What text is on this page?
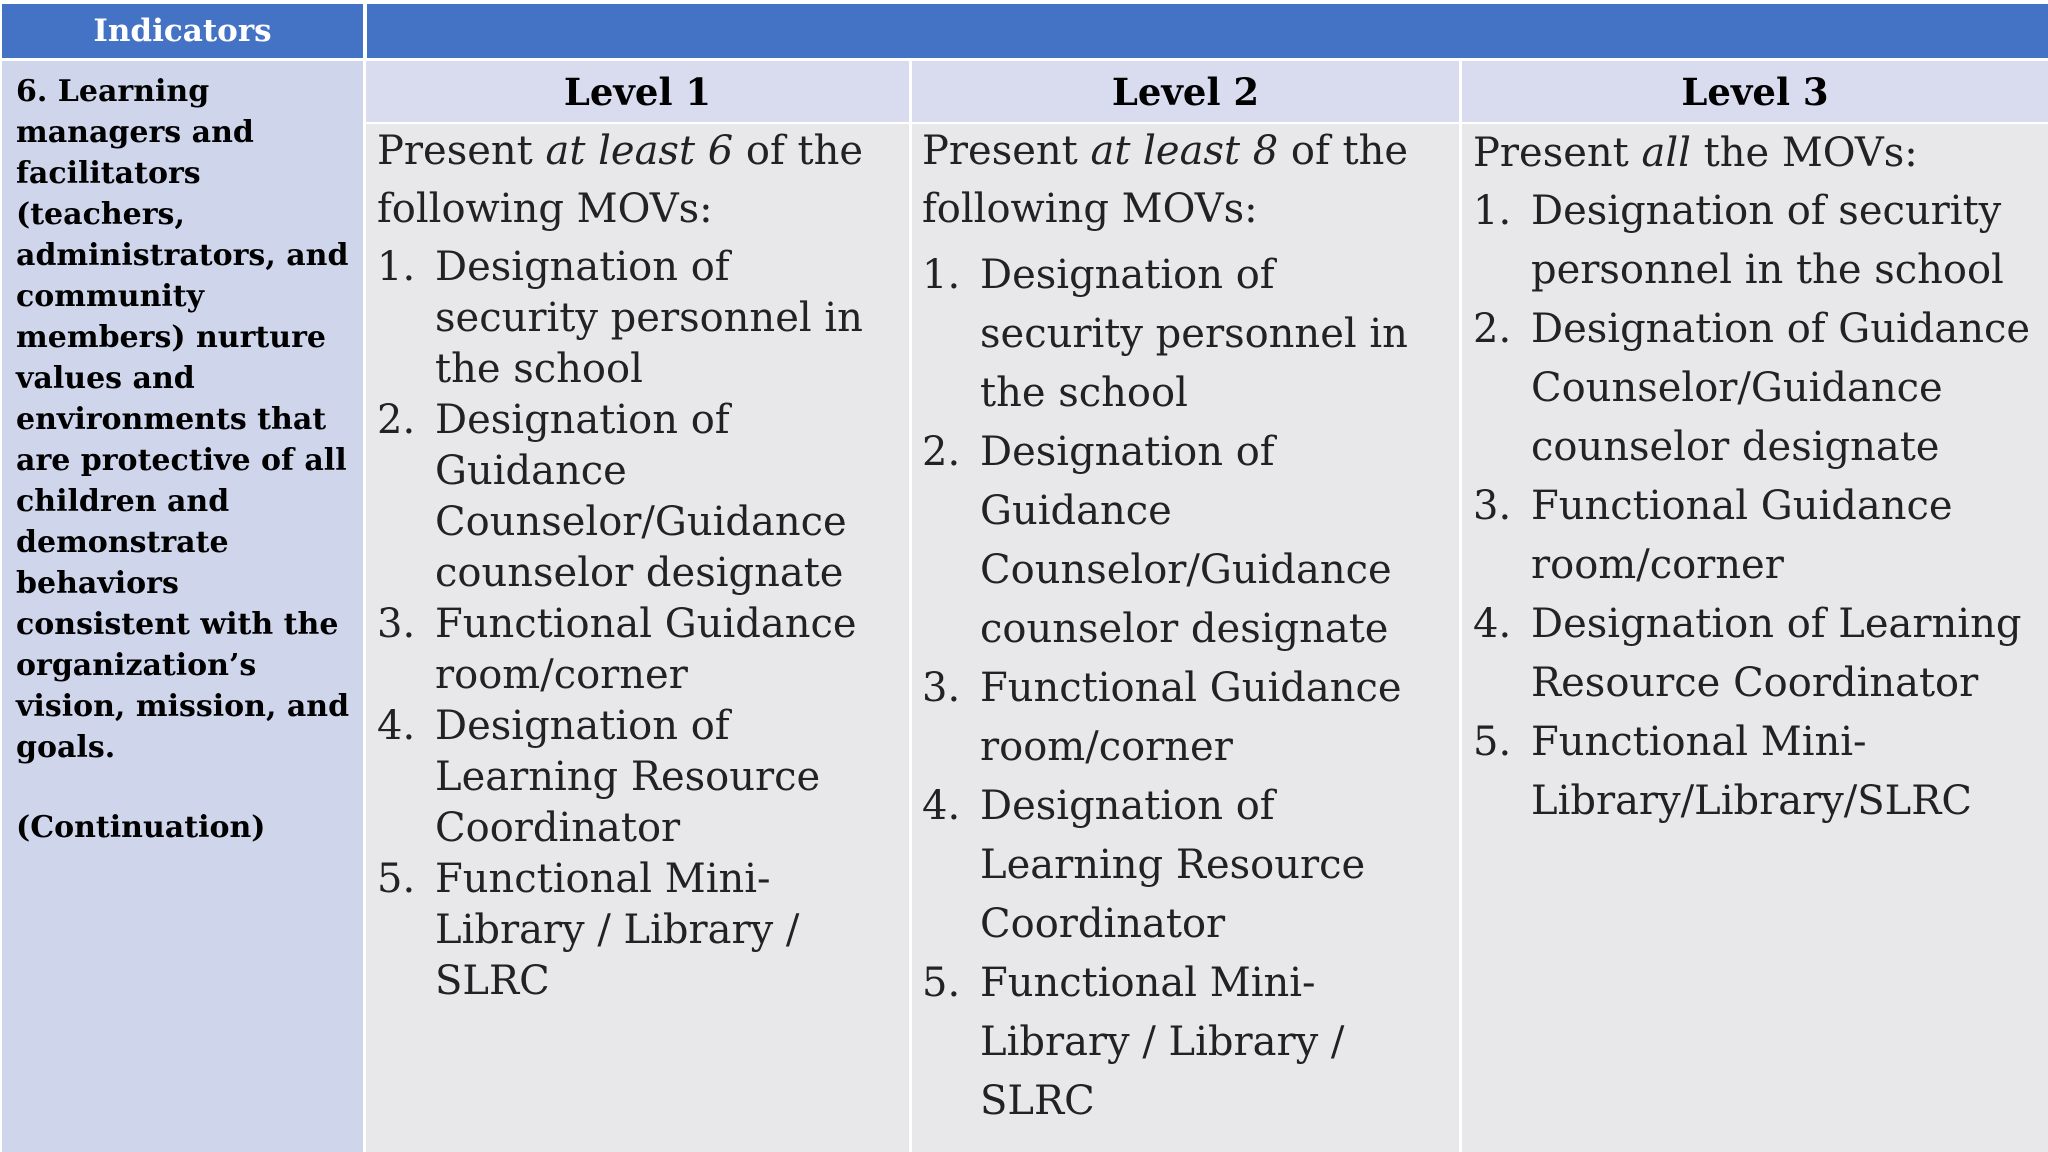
Indicators
6. Learning managers and facilitators (teachers, administrators, and community members) nurture values and environments that are protective of all children and demonstrate behaviors consistent with the organization’s vision, mission, and goals.
(Continuation)
Level 1	Level 2	Level 3
Present at least 6 of the following MOVs:
1. Designation of security personnel in the school
2. Designation of Guidance Counselor/Guidance counselor designate
3. Functional Guidance room/corner
4. Designation of Learning Resource Coordinator
5. Functional Mini-Library / Library / SLRC
Present at least 8 of the following MOVs:
1. Designation of security personnel in the school
2. Designation of Guidance Counselor/Guidance counselor designate
3. Functional Guidance room/corner
4. Designation of Learning Resource Coordinator
5. Functional Mini-Library / Library / SLRC
Present all the MOVs:
1. Designation of security personnel in the school
2. Designation of Guidance Counselor/Guidance counselor designate
3. Functional Guidance room/corner
4. Designation of Learning Resource Coordinator
5. Functional Mini-Library/Library/SLRC
